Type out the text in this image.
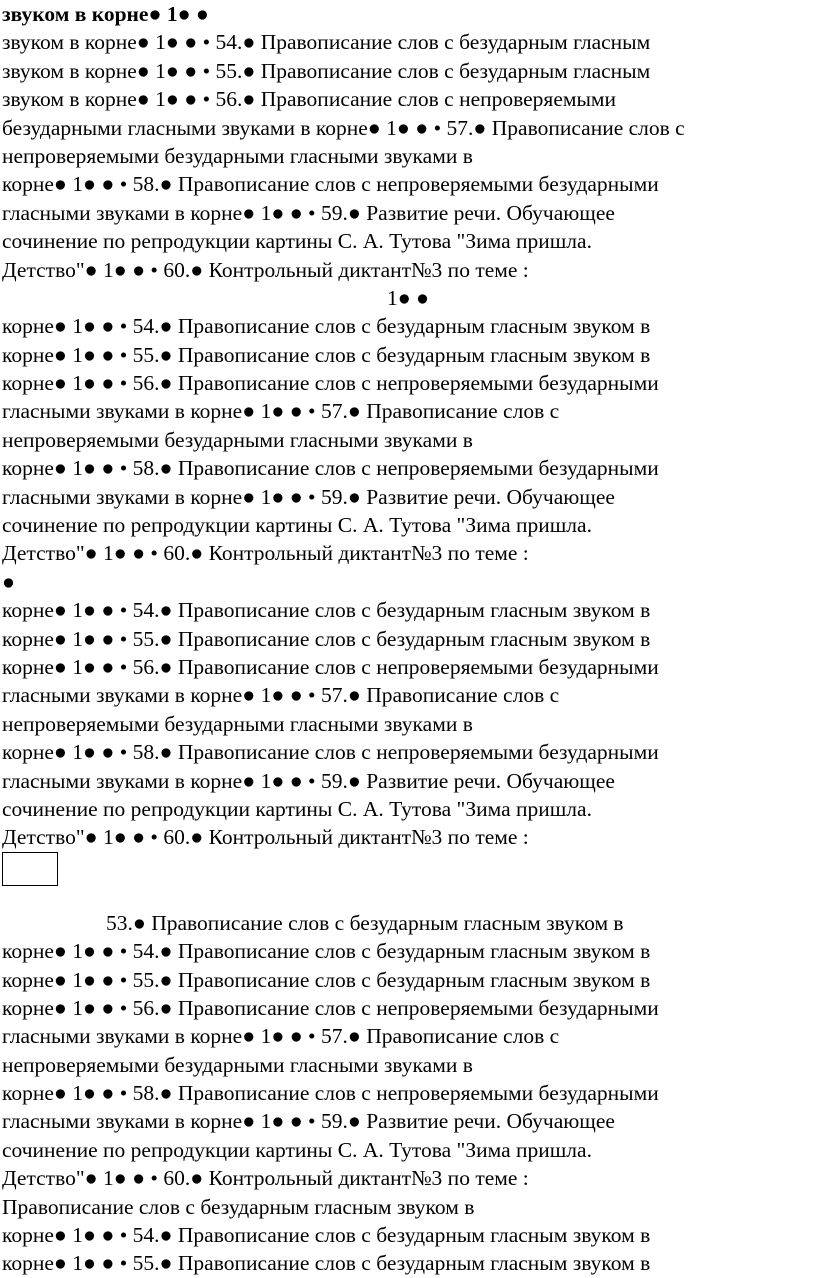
звуком в корне● 1● ●
звуком в корне● 1● ● • 54.● Правописание слов с безударным гласным
звуком в корне● 1● ● • 55.● Правописание слов с безударным гласным
звуком в корне● 1● ● • 56.● Правописание слов с непроверяемыми
безударными гласными звуками в корне● 1● ● • 57.● Правописание слов с
непроверяемыми безударными гласными звуками в
корне● 1● ● • 58.● Правописание слов с непроверяемыми безударными
гласными звуками в корне● 1● ● • 59.● Развитие речи. Обучающее
сочинение по репродукции картины С. А. Тутова "Зима пришла.
Детство"● 1● ● • 60.● Контрольный диктант№3 по теме :
1● ●
корне● 1● ● • 54.● Правописание слов с безударным гласным звуком в
корне● 1● ● • 55.● Правописание слов с безударным гласным звуком в
корне● 1● ● • 56.● Правописание слов с непроверяемыми безударными
гласными звуками в корне● 1● ● • 57.● Правописание слов с
непроверяемыми безударными гласными звуками в
корне● 1● ● • 58.● Правописание слов с непроверяемыми безударными
гласными звуками в корне● 1● ● • 59.● Развитие речи. Обучающее
сочинение по репродукции картины С. А. Тутова "Зима пришла.
Детство"● 1● ● • 60.● Контрольный диктант№3 по теме :
●
корне● 1● ● • 54.● Правописание слов с безударным гласным звуком в
корне● 1● ● • 55.● Правописание слов с безударным гласным звуком в
корне● 1● ● • 56.● Правописание слов с непроверяемыми безударными
гласными звуками в корне● 1● ● • 57.● Правописание слов с
непроверяемыми безударными гласными звуками в
корне● 1● ● • 58.● Правописание слов с непроверяемыми безударными
гласными звуками в корне● 1● ● • 59.● Развитие речи. Обучающее
сочинение по репродукции картины С. А. Тутова "Зима пришла.
Детство"● 1● ● • 60.● Контрольный диктант№3 по теме :
53.● Правописание слов с безударным гласным звуком в
корне● 1● ● • 54.● Правописание слов с безударным гласным звуком в
корне● 1● ● • 55.● Правописание слов с безударным гласным звуком в
корне● 1● ● • 56.● Правописание слов с непроверяемыми безударными
гласными звуками в корне● 1● ● • 57.● Правописание слов с
непроверяемыми безударными гласными звуками в
корне● 1● ● • 58.● Правописание слов с непроверяемыми безударными
гласными звуками в корне● 1● ● • 59.● Развитие речи. Обучающее
сочинение по репродукции картины С. А. Тутова "Зима пришла.
Детство"● 1● ● • 60.● Контрольный диктант№3 по теме :
Правописание слов с безударным гласным звуком в
корне● 1● ● • 54.● Правописание слов с безударным гласным звуком в
корне● 1● ● • 55.● Правописание слов с безударным гласным звуком в
